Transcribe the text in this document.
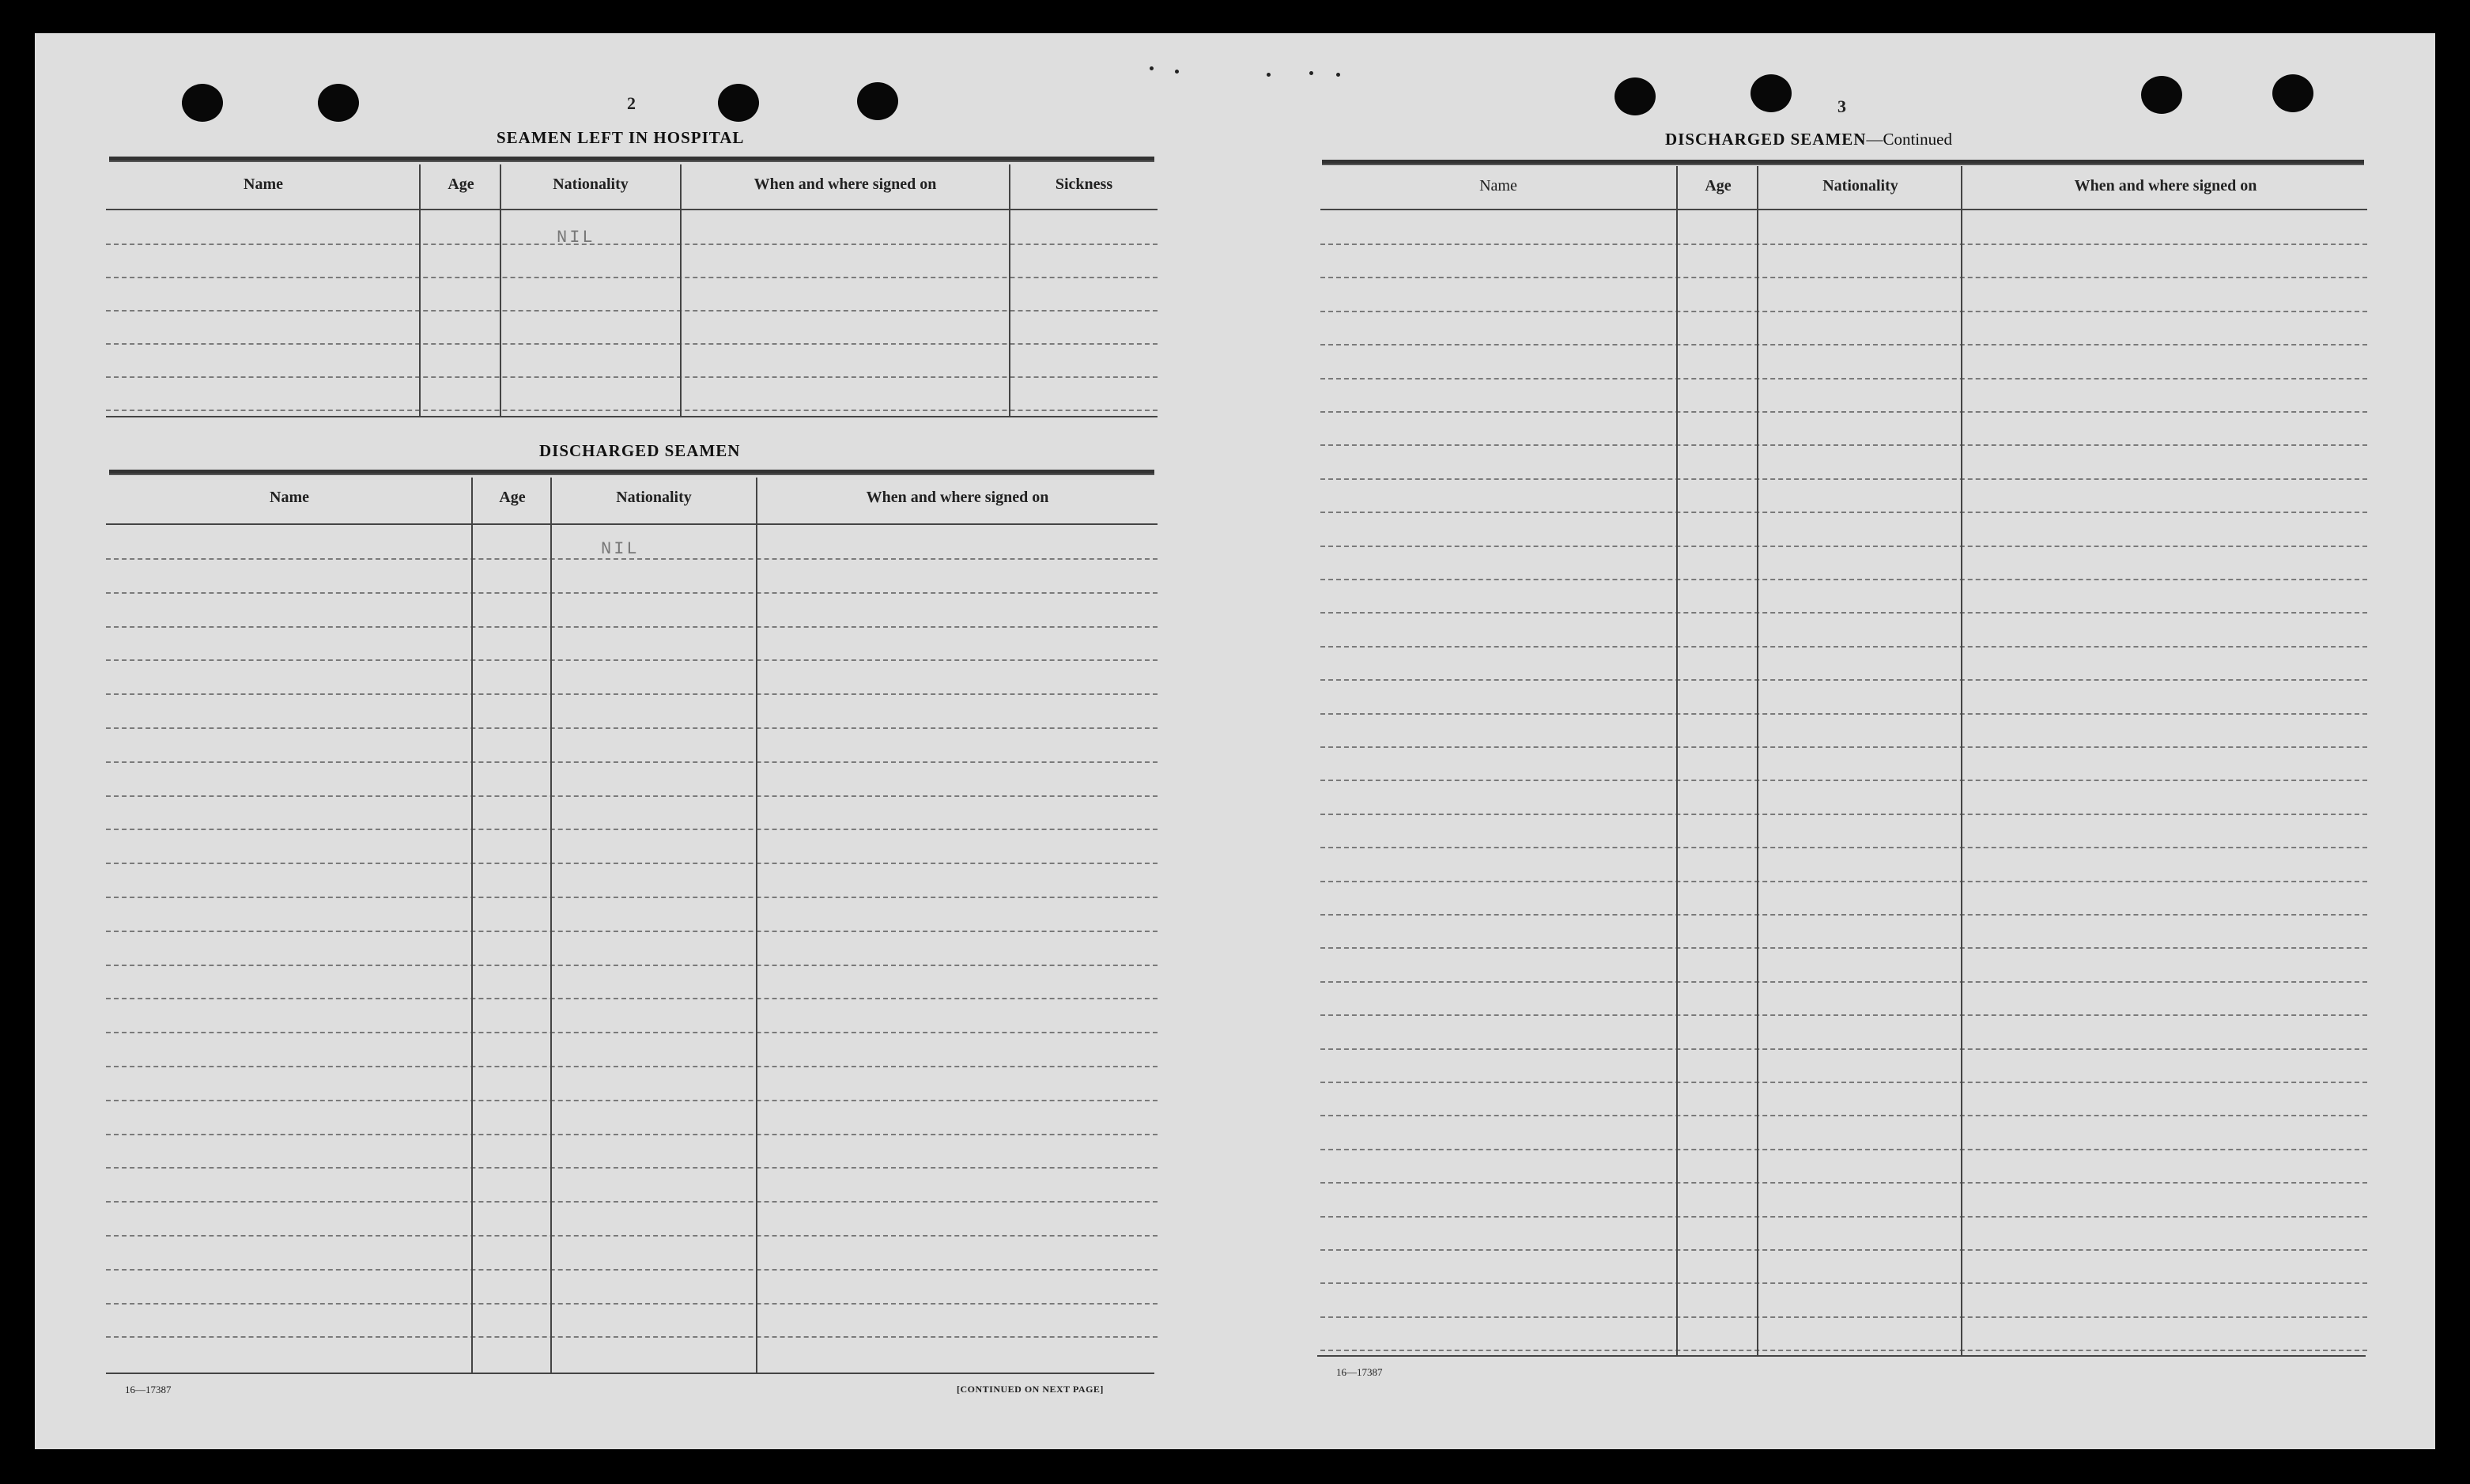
2
SEAMEN LEFT IN HOSPITAL
Name	Age	Nationality	When and where signed on	Sickness
NIL
DISCHARGED SEAMEN
Name	Age	Nationality	When and where signed on
NIL
16—17387	[CONTINUED ON NEXT PAGE]
3
DISCHARGED SEAMEN—Continued
Name	Age	Nationality	When and where signed on
16—17387
